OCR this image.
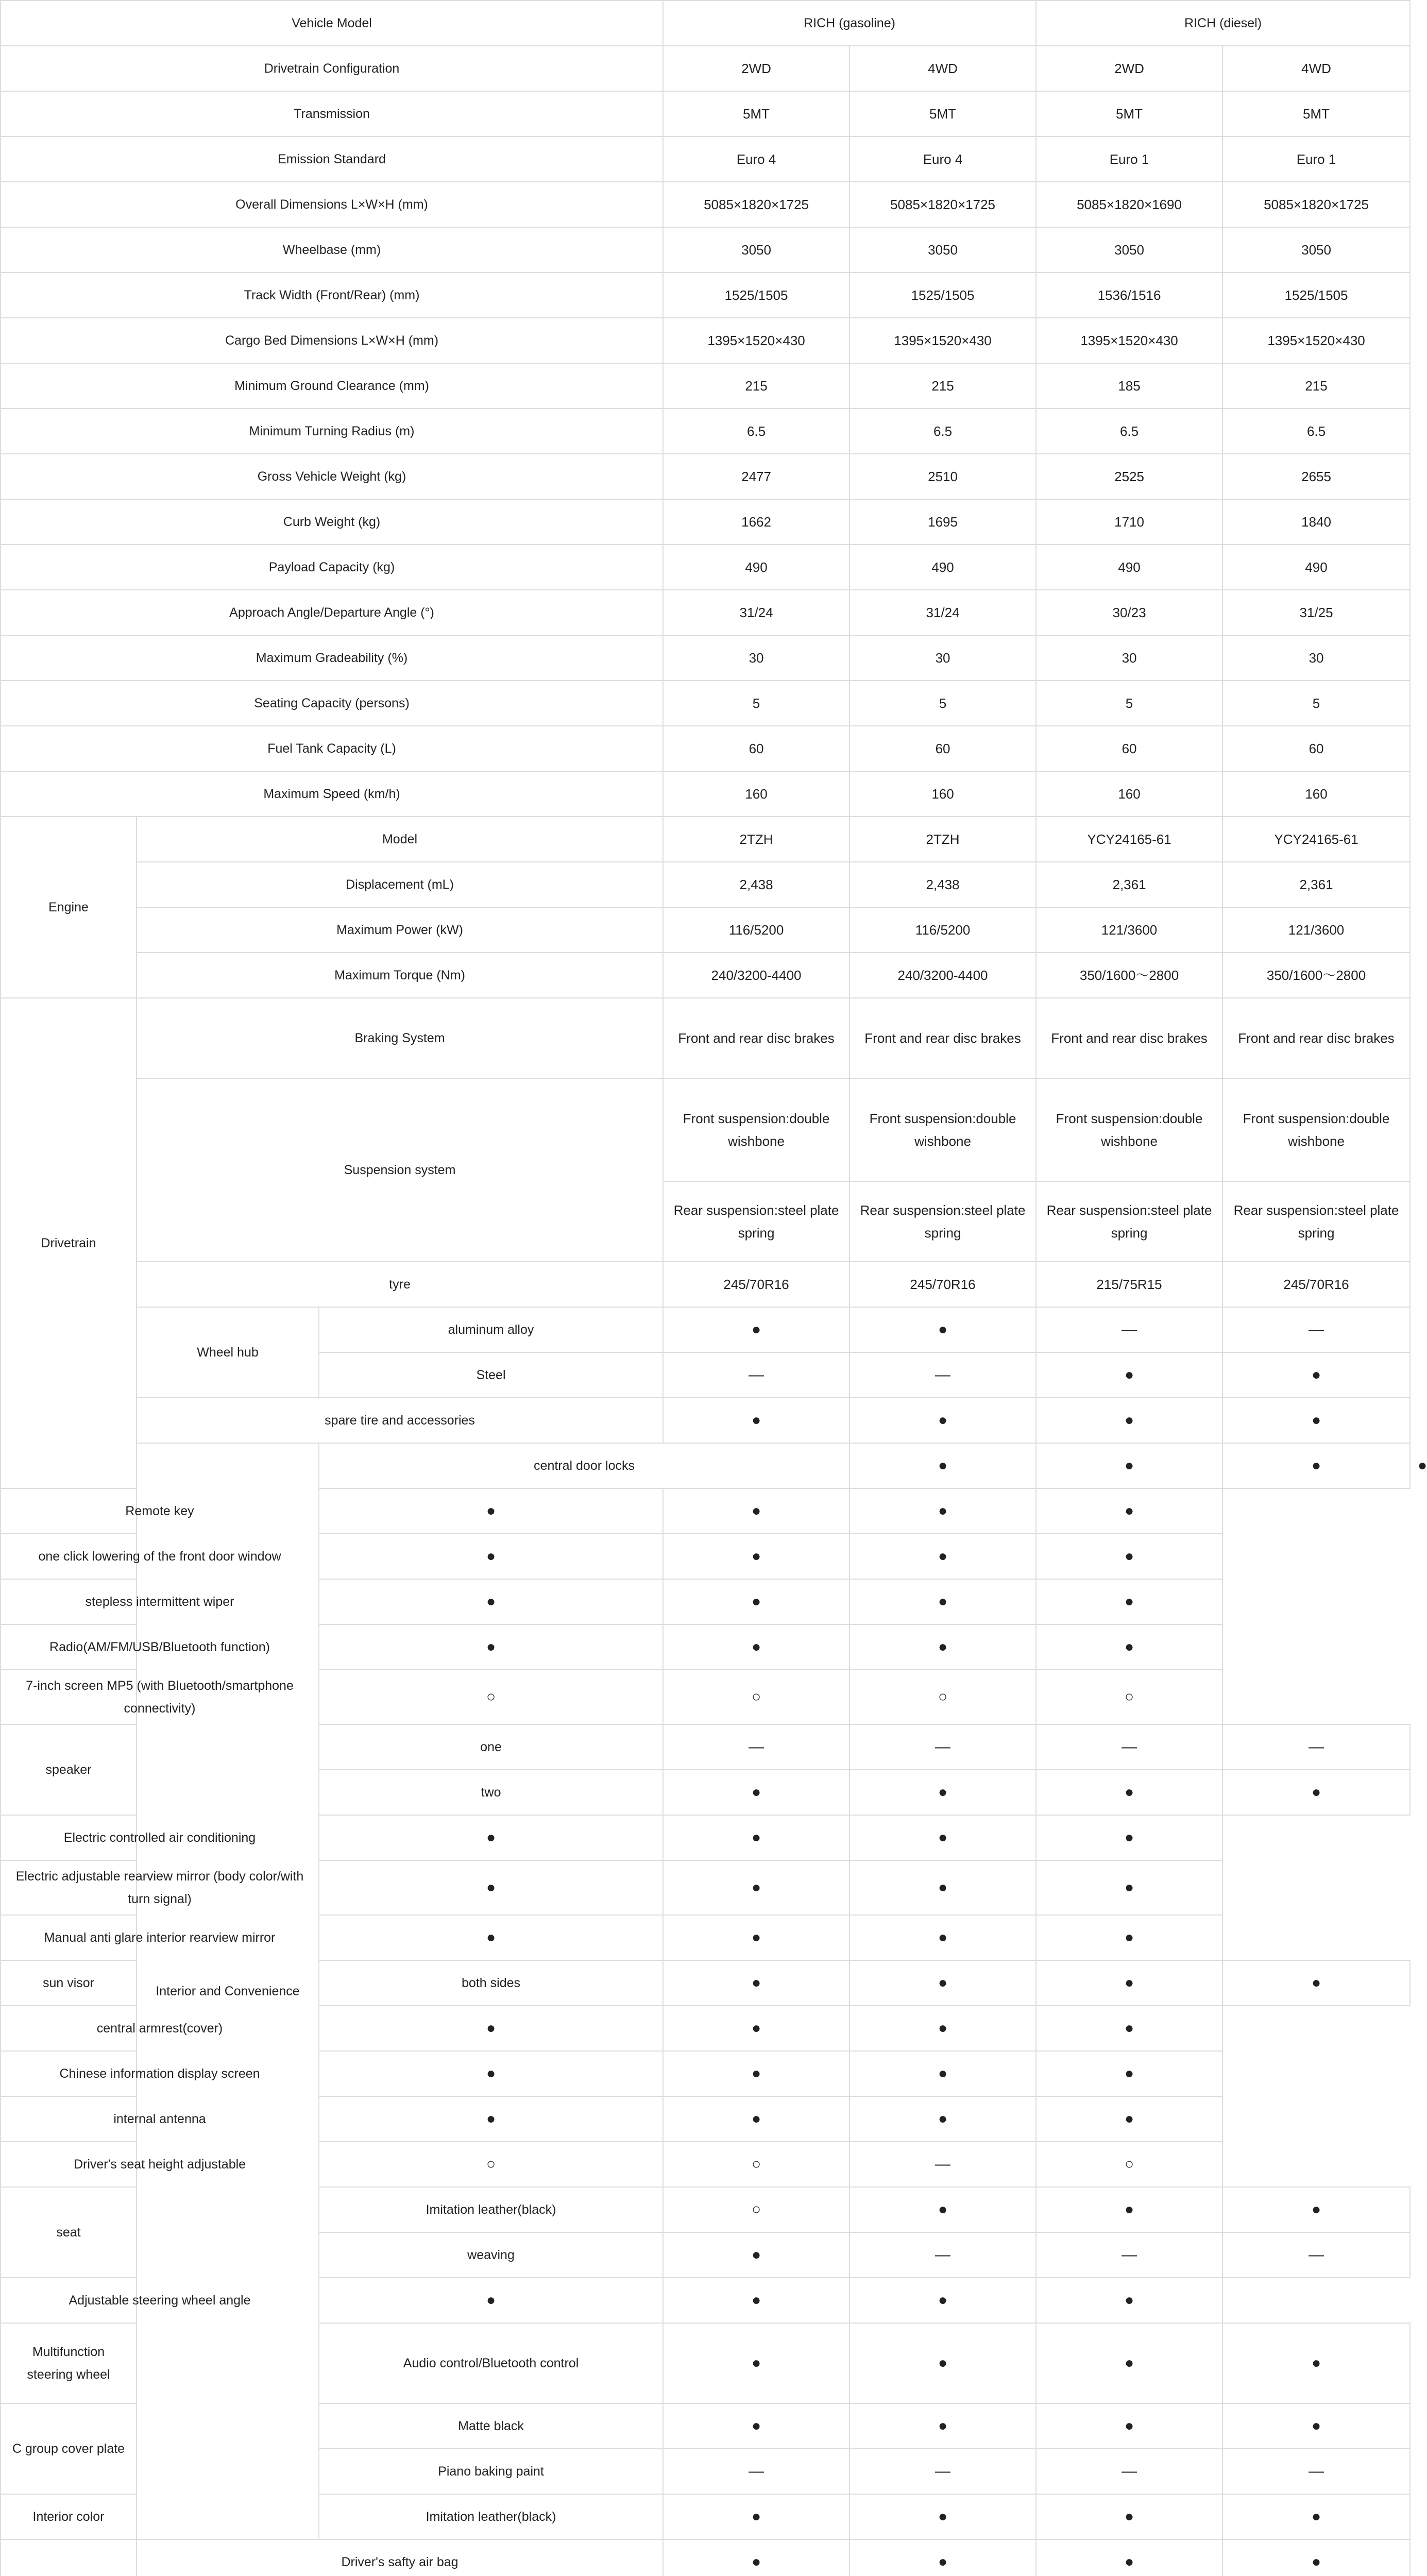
Vehicle Model			RICH (gasoline)		RICH (diesel)		
Drivetrain Configuration			2WD	4WD	2WD	4WD	
Transmission			5MT	5MT	5MT	5MT	
Emission Standard			Euro 4	Euro 4	Euro 1	Euro 1	
Overall Dimensions L×W×H (mm)			5085×1820×1725	5085×1820×1725	5085×1820×1690	5085×1820×1725	
Wheelbase (mm)			3050	3050	3050	3050	
Track Width (Front/Rear) (mm)			1525/1505	1525/1505	1536/1516	1525/1505	
Cargo Bed Dimensions L×W×H (mm)			1395×1520×430	1395×1520×430	1395×1520×430	1395×1520×430	
Minimum Ground Clearance (mm)			215	215	185	215	
Minimum Turning Radius (m)			6.5	6.5	6.5	6.5	
Gross Vehicle Weight (kg)			2477	2510	2525	2655	
Curb Weight (kg)			1662	1695	1710	1840	
Payload Capacity (kg)			490	490	490	490	
Approach Angle/Departure Angle (°)			31/24	31/24	30/23	31/25	
Maximum Gradeability (%)			30	30	30	30	
Seating Capacity (persons)			5	5	5	5	
Fuel Tank Capacity (L)			60	60	60	60	
Maximum Speed (km/h)			160	160	160	160	
Engine	Model		2TZH	2TZH	YCY24165-61	YCY24165-61	
	Displacement (mL)		2,438	2,438	2,361	2,361	
	Maximum Power (kW)		116/5200	116/5200	121/3600	121/3600	
	Maximum Torque (Nm)		240/3200-4400	240/3200-4400	350/1600～2800	350/1600～2800	
Drivetrain	Braking System		Front and rear disc brakes	Front and rear disc brakes	Front and rear disc brakes	Front and rear disc brakes	
	Suspension system		Front suspension:double wishbone	Front suspension:double wishbone	Front suspension:double wishbone	Front suspension:double wishbone	
			Rear suspension:steel plate spring	Rear suspension:steel plate spring	Rear suspension:steel plate spring	Rear suspension:steel plate spring	
	tyre		245/70R16	245/70R16	215/75R15	245/70R16	
	Wheel hub	aluminum alloy	●	●	—	—	
		Steel	—	—	●	●	
	spare tire and accessories		●	●	●	●	
	Interior and Convenience	central door locks		●	●	●	●
Remote key		●	●	●	●		
one click lowering of the front door window		●	●	●	●		
stepless intermittent wiper		●	●	●	●		
Radio(AM/FM/USB/Bluetooth function)		●	●	●	●		
7-inch screen MP5 (with Bluetooth/smartphone connectivity)		○	○	○	○		
speaker		one	—	—	—	—	
		two	●	●	●	●	
Electric controlled air conditioning		●	●	●	●		
Electric adjustable rearview mirror (body color/with turn signal)		●	●	●	●		
Manual anti glare interior rearview mirror		●	●	●	●		
sun visor		both sides	●	●	●	●	
central armrest(cover)		●	●	●	●		
Chinese information display screen		●	●	●	●		
internal antenna		●	●	●	●		
Driver's seat height adjustable		○	○	—	○		
seat		Imitation leather(black)	○	●	●	●	
		weaving	●	—	—	—	
Adjustable steering wheel angle		●	●	●	●		
Multifunction steering wheel		Audio control/Bluetooth control	●	●	●	●	
C group cover plate		Matte black	●	●	●	●	
		Piano baking paint	—	—	—	—	
Interior color		Imitation leather(black)	●	●	●	●	
	Driver's safty air bag		●	●	●	●	
